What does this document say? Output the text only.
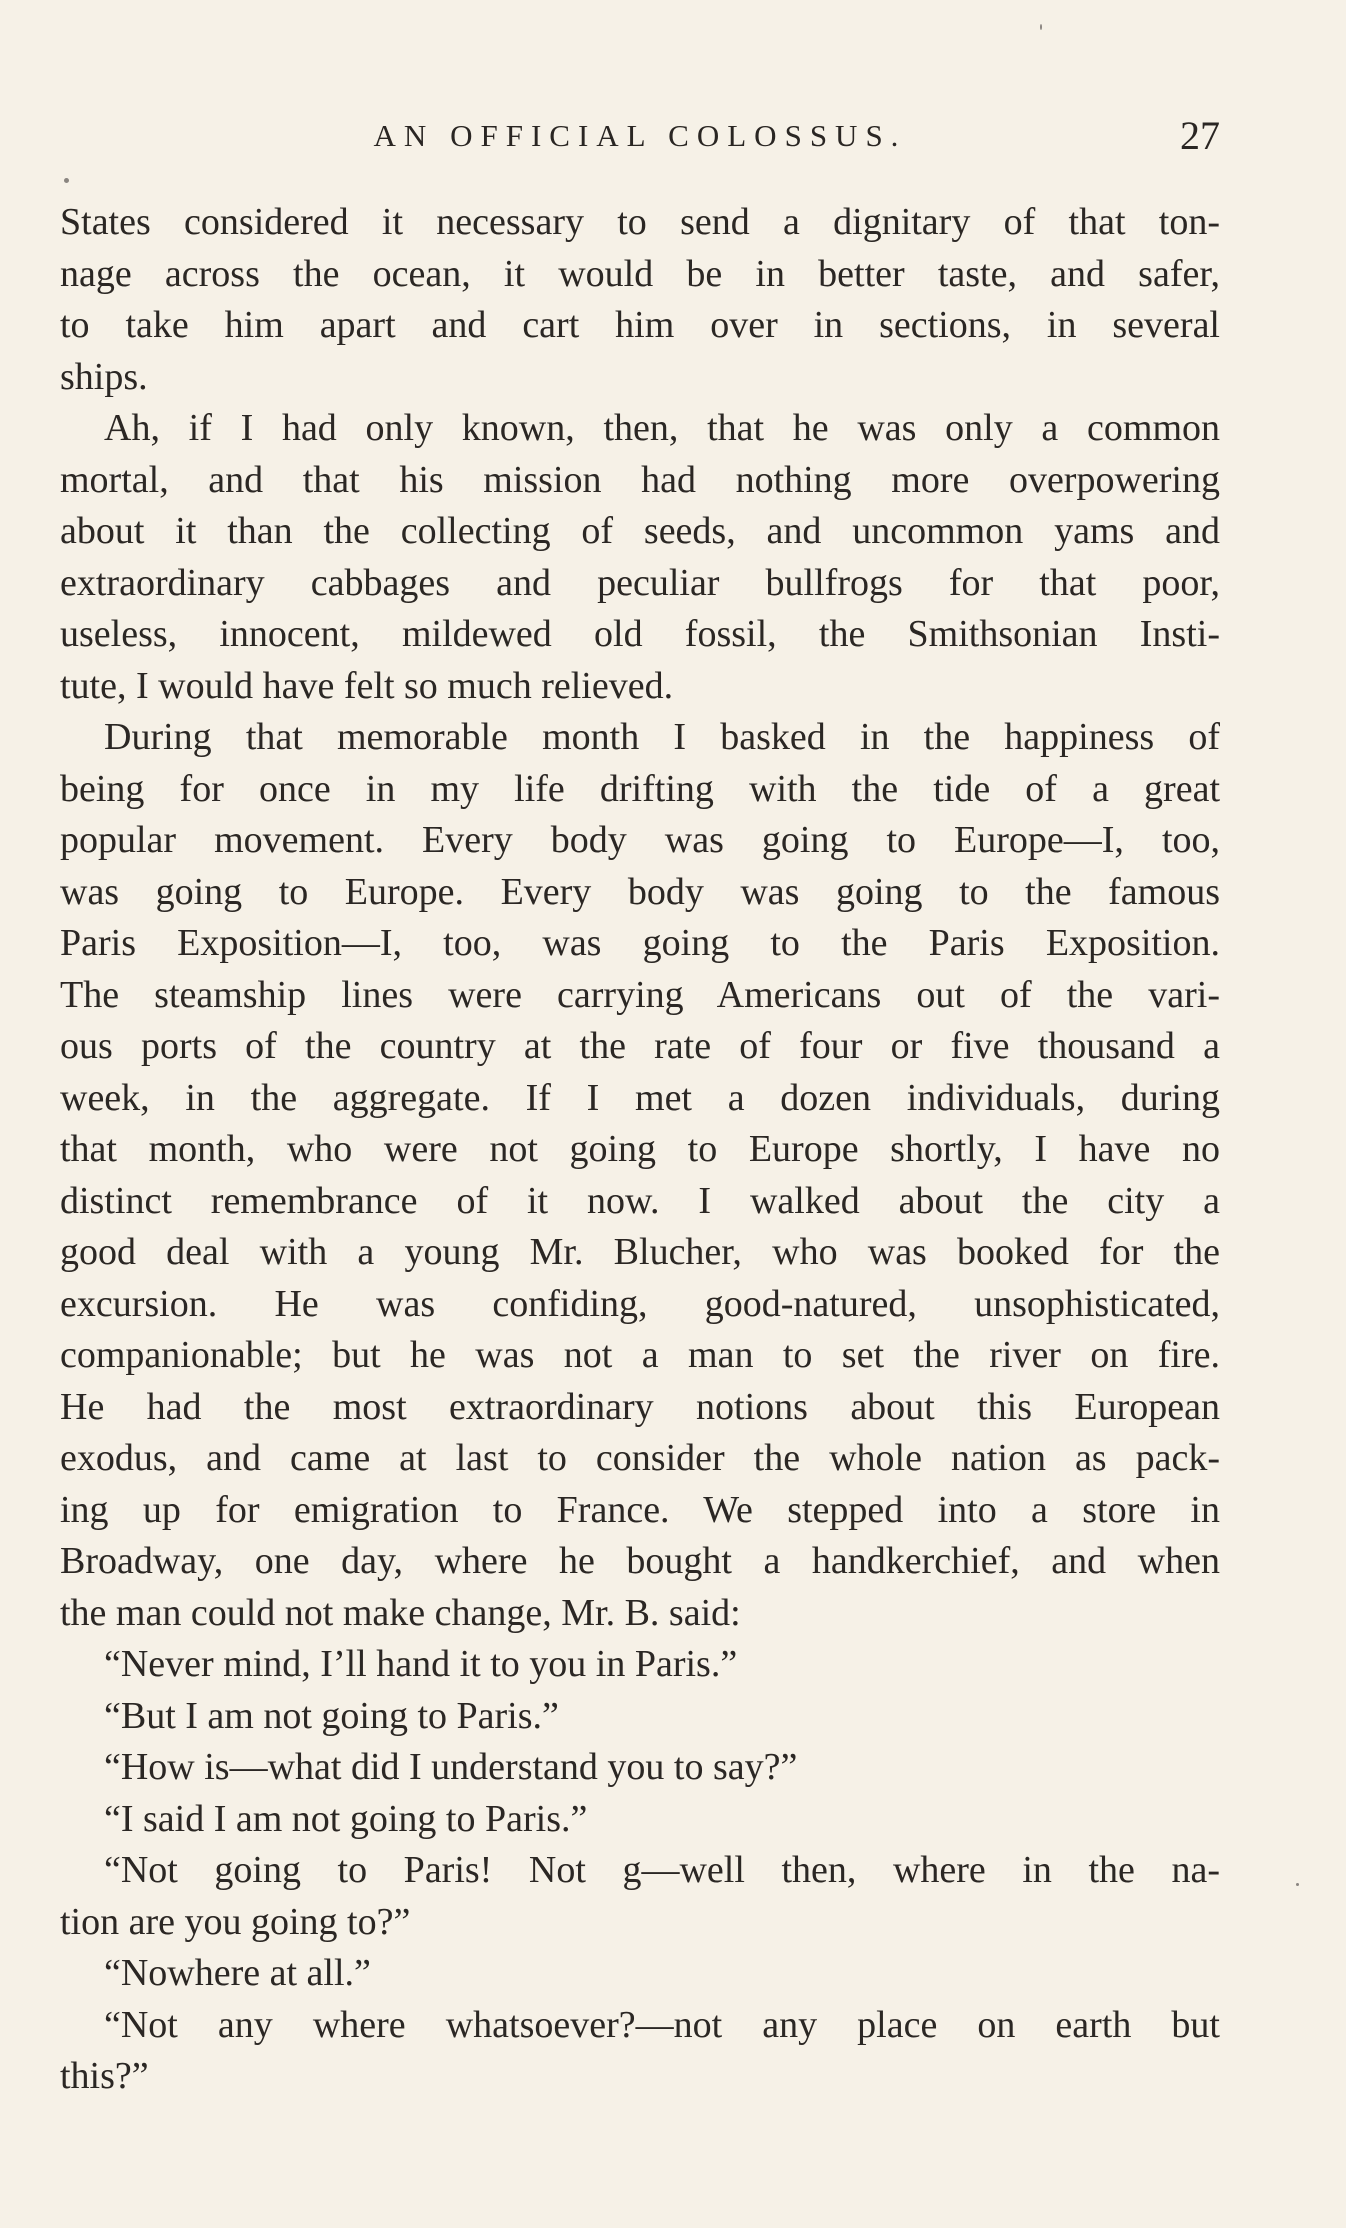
AN OFFICIAL COLOSSUS.	27
States considered it necessary to send a dignitary of that ton-
nage across the ocean, it would be in better taste, and safer,
to take him apart and cart him over in sections, in several
ships.
Ah, if I had only known, then, that he was only a common
mortal, and that his mission had nothing more overpowering
about it than the collecting of seeds, and uncommon yams and
extraordinary cabbages and peculiar bullfrogs for that poor,
useless, innocent, mildewed old fossil, the Smithsonian Insti-
tute, I would have felt so much relieved.
During that memorable month I basked in the happiness of
being for once in my life drifting with the tide of a great
popular movement. Every body was going to Europe—I, too,
was going to Europe. Every body was going to the famous
Paris Exposition—I, too, was going to the Paris Exposition.
The steamship lines were carrying Americans out of the vari-
ous ports of the country at the rate of four or five thousand a
week, in the aggregate. If I met a dozen individuals, during
that month, who were not going to Europe shortly, I have no
distinct remembrance of it now. I walked about the city a
good deal with a young Mr. Blucher, who was booked for the
excursion. He was confiding, good-natured, unsophisticated,
companionable; but he was not a man to set the river on fire.
He had the most extraordinary notions about this European
exodus, and came at last to consider the whole nation as pack-
ing up for emigration to France. We stepped into a store in
Broadway, one day, where he bought a handkerchief, and when
the man could not make change, Mr. B. said:
“Never mind, I’ll hand it to you in Paris.”
“But I am not going to Paris.”
“How is—what did I understand you to say?”
“I said I am not going to Paris.”
“Not going to Paris! Not g—well then, where in the na-
tion are you going to?”
“Nowhere at all.”
“Not any where whatsoever?—not any place on earth but
this?”
